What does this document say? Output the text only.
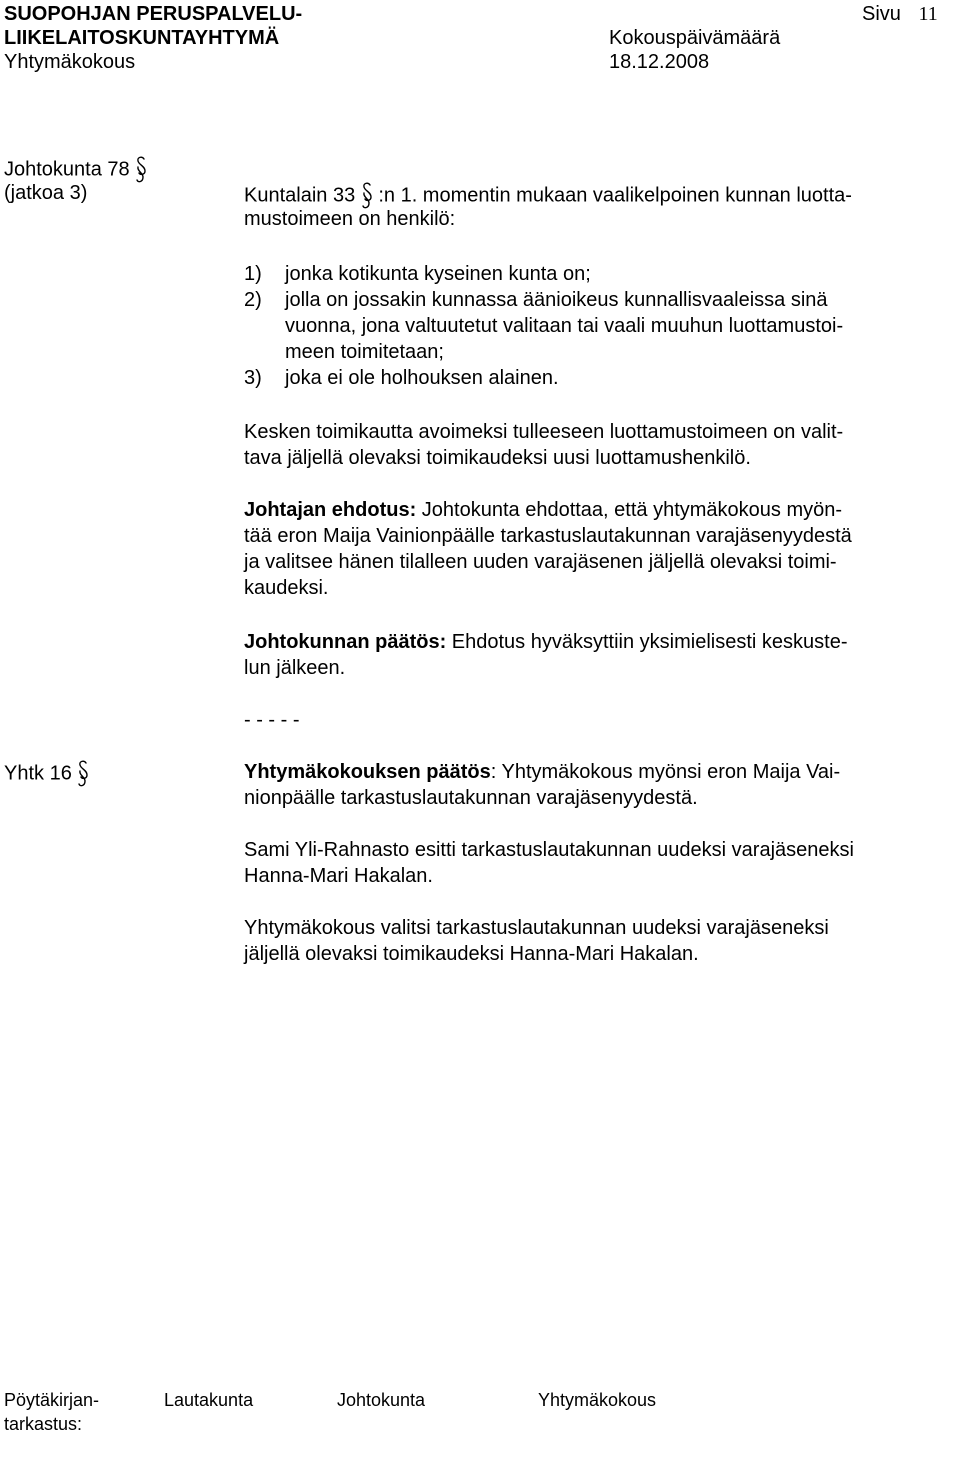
SUOPOHJAN PERUSPALVELU-
LIIKELAITOSKUNTAYHTYMÄ
Yhtymäkokous
Kokouspäivämäärä
18.12.2008
Sivu 11
Johtokunta 78
(jatkoa 3)	Kuntalain 33 :n 1. momentin mukaan vaalikelpoinen kunnan luotta-
mustoimeen on henkilö:
1) jonka kotikunta kyseinen kunta on;
2) jolla on jossakin kunnassa äänioikeus kunnallisvaaleissa sinä
vuonna, jona valtuutetut valitaan tai vaali muuhun luottamustoi-
meen toimitetaan;
3) joka ei ole holhouksen alainen.
Kesken toimikautta avoimeksi tulleeseen luottamustoimeen on valit-
tava jäljellä olevaksi toimikaudeksi uusi luottamushenkilö.
Johtajan ehdotus: Johtokunta ehdottaa, että yhtymäkokous myön-
tää eron Maija Vainionpäälle tarkastuslautakunnan varajäsenyydestä
ja valitsee hänen tilalleen uuden varajäsenen jäljellä olevaksi toimi-
kaudeksi.
Johtokunnan päätös: Ehdotus hyväksyttiin yksimielisesti keskuste-
lun jälkeen.
- - - - -
Yhtk 16	Yhtymäkokouksen päätös: Yhtymäkokous myönsi eron Maija Vai-
nionpäälle tarkastuslautakunnan varajäsenyydestä.
Sami Yli-Rahnasto esitti tarkastuslautakunnan uudeksi varajäseneksi
Hanna-Mari Hakalan.
Yhtymäkokous valitsi tarkastuslautakunnan uudeksi varajäseneksi
jäljellä olevaksi toimikaudeksi Hanna-Mari Hakalan.
Pöytäkirjan-
tarkastus:
Lautakunta	Johtokunta	Yhtymäkokous
